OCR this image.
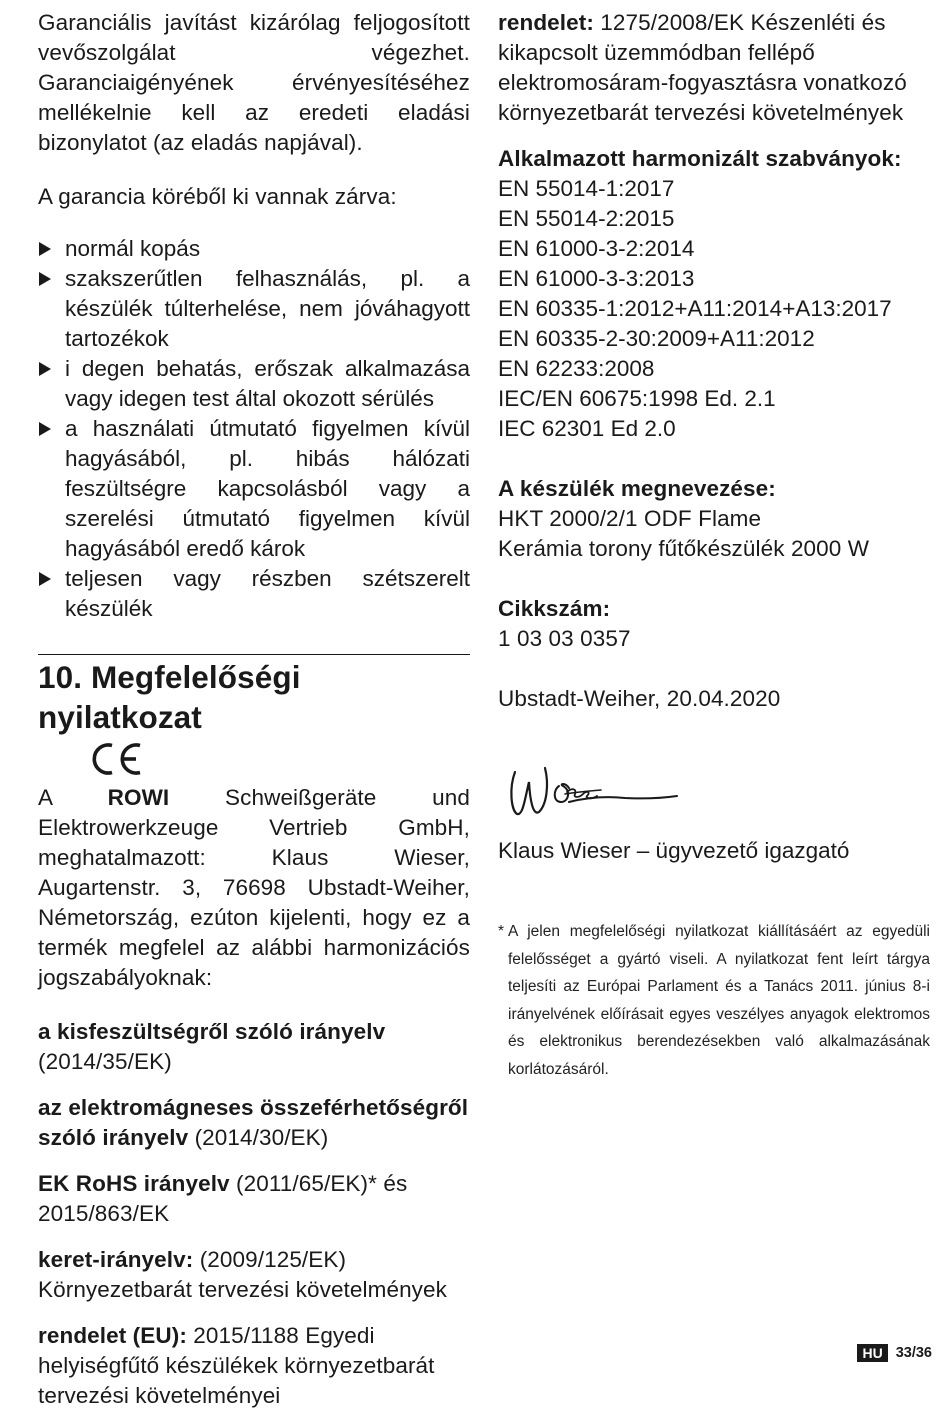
Garanciális javítást kizárólag feljogosított vevőszolgálat végezhet. Garanciaigényének érvényesítéséhez mellékelnie kell az eredeti eladási bizonylatot (az eladás napjával).

A garancia köréből ki vannak zárva:

normál kopás
szakszerűtlen felhasználás, pl. a készülék túlterhelése, nem jóváhagyott tartozékok
i degen behatás, erőszak alkalmazása vagy idegen test által okozott sérülés
a használati útmutató figyelmen kívül hagyásából, pl. hibás hálózati feszültségre kapcsolásból vagy a szerelési útmutató figyelmen kívül hagyásából eredő károk
teljesen vagy részben szétszerelt készülék
10. Megfelelőségi nyilatkozat

A ROWI Schweißgeräte und Elektrowerkzeuge Vertrieb GmbH, meghatalmazott: Klaus Wieser, Augartenstr. 3, 76698 Ubstadt-Weiher, Németország, ezúton kijelenti, hogy ez a termék megfelel az alábbi harmonizációs jogszabályoknak:

a kisfeszültségről szóló irányelv (2014/35/EK)

az elektromágneses összeférhetőségről szóló irányelv (2014/30/EK)

EK RoHS irányelv (2011/65/EK)* és 2015/863/EK

keret-irányelv: (2009/125/EK) Környezetbarát tervezési követelmények

rendelet (EU): 2015/1188 Egyedi helyiségfűtő készülékek környezetbarát tervezési követelményei

rendelet: 1275/2008/EK Készenléti és kikapcsolt üzemmódban fellépő elektromosáram-fogyasztásra vonatkozó környezetbarát tervezési követelmények

Alkalmazott harmonizált szabványok:

EN 55014-1:2017

EN 55014-2:2015

EN 61000-3-2:2014

EN 61000-3-3:2013

EN 60335-1:2012+A11:2014+A13:2017

EN 60335-2-30:2009+A11:2012

EN 62233:2008

IEC/EN 60675:1998 Ed. 2.1

IEC 62301 Ed 2.0

A készülék megnevezése:

HKT 2000/2/1 ODF Flame

Kerámia torony fűtőkészülék 2000 W

Cikkszám:

1 03 03 0357

Ubstadt-Weiher, 20.04.2020

Klaus Wieser – ügyvezető igazgató

* A jelen megfelelőségi nyilatkozat kiállításáért az egyedüli felelősséget a gyártó viseli. A nyilatkozat fent leírt tárgya teljesíti az Európai Parlament és a Tanács 2011. június 8-i irányelvének előírásait egyes veszélyes anyagok elektromos és elektronikus berendezésekben való alkalmazásának korlátozásáról.

HU 33/36
